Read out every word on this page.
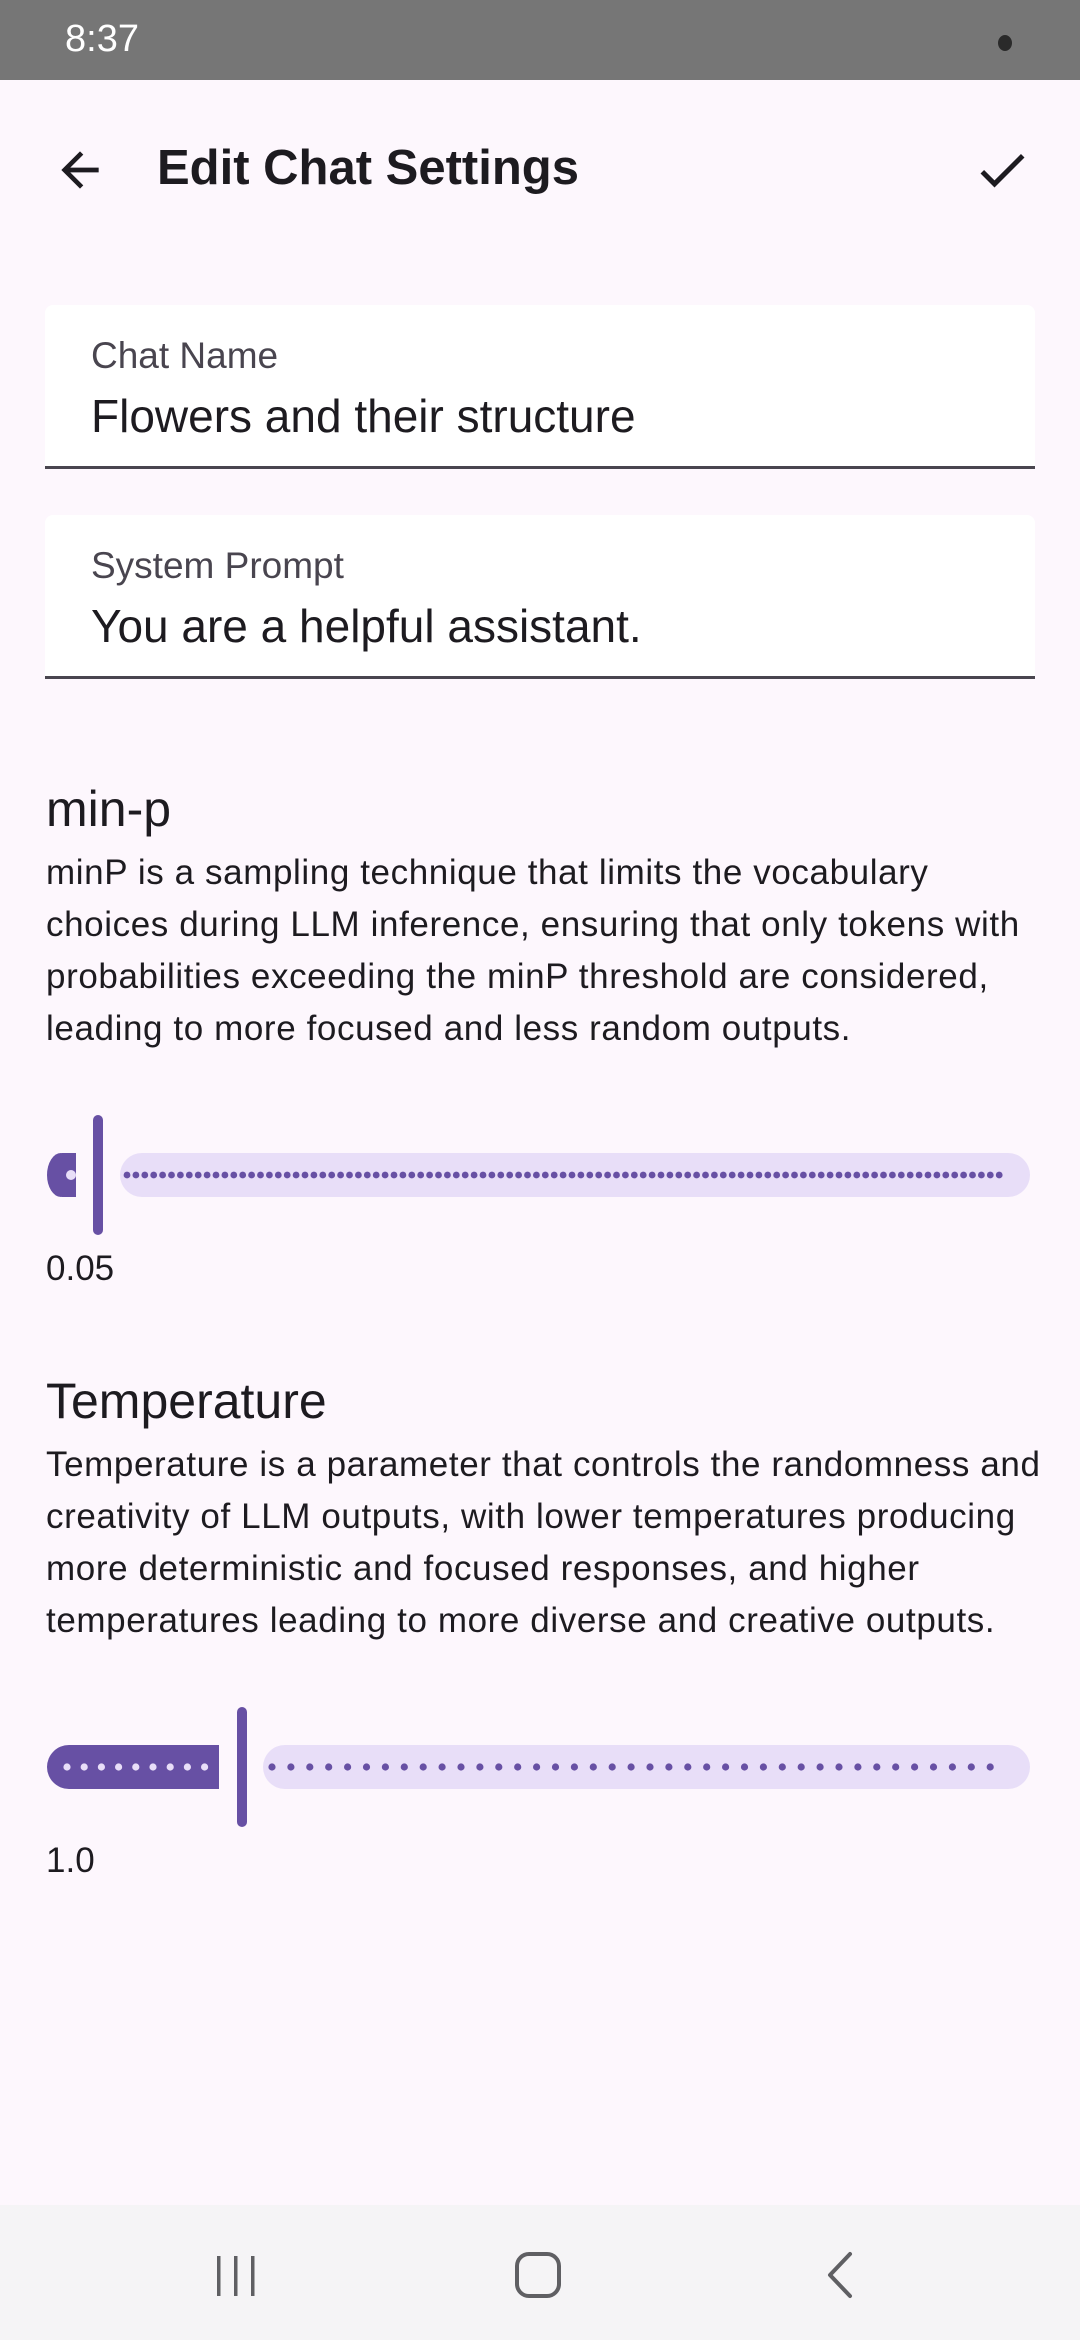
8:37
Edit Chat Settings
Chat Name
Flowers and their structure
System Prompt
You are a helpful assistant.
min-p
minP is a sampling technique that limits the vocabulary choices during LLM inference, ensuring that only tokens with probabilities exceeding the minP threshold are considered, leading to more focused and less random outputs.
0.05
Temperature
Temperature is a parameter that controls the randomness and creativity of LLM outputs, with lower temperatures producing more deterministic and focused responses, and higher temperatures leading to more diverse and creative outputs.
1.0
